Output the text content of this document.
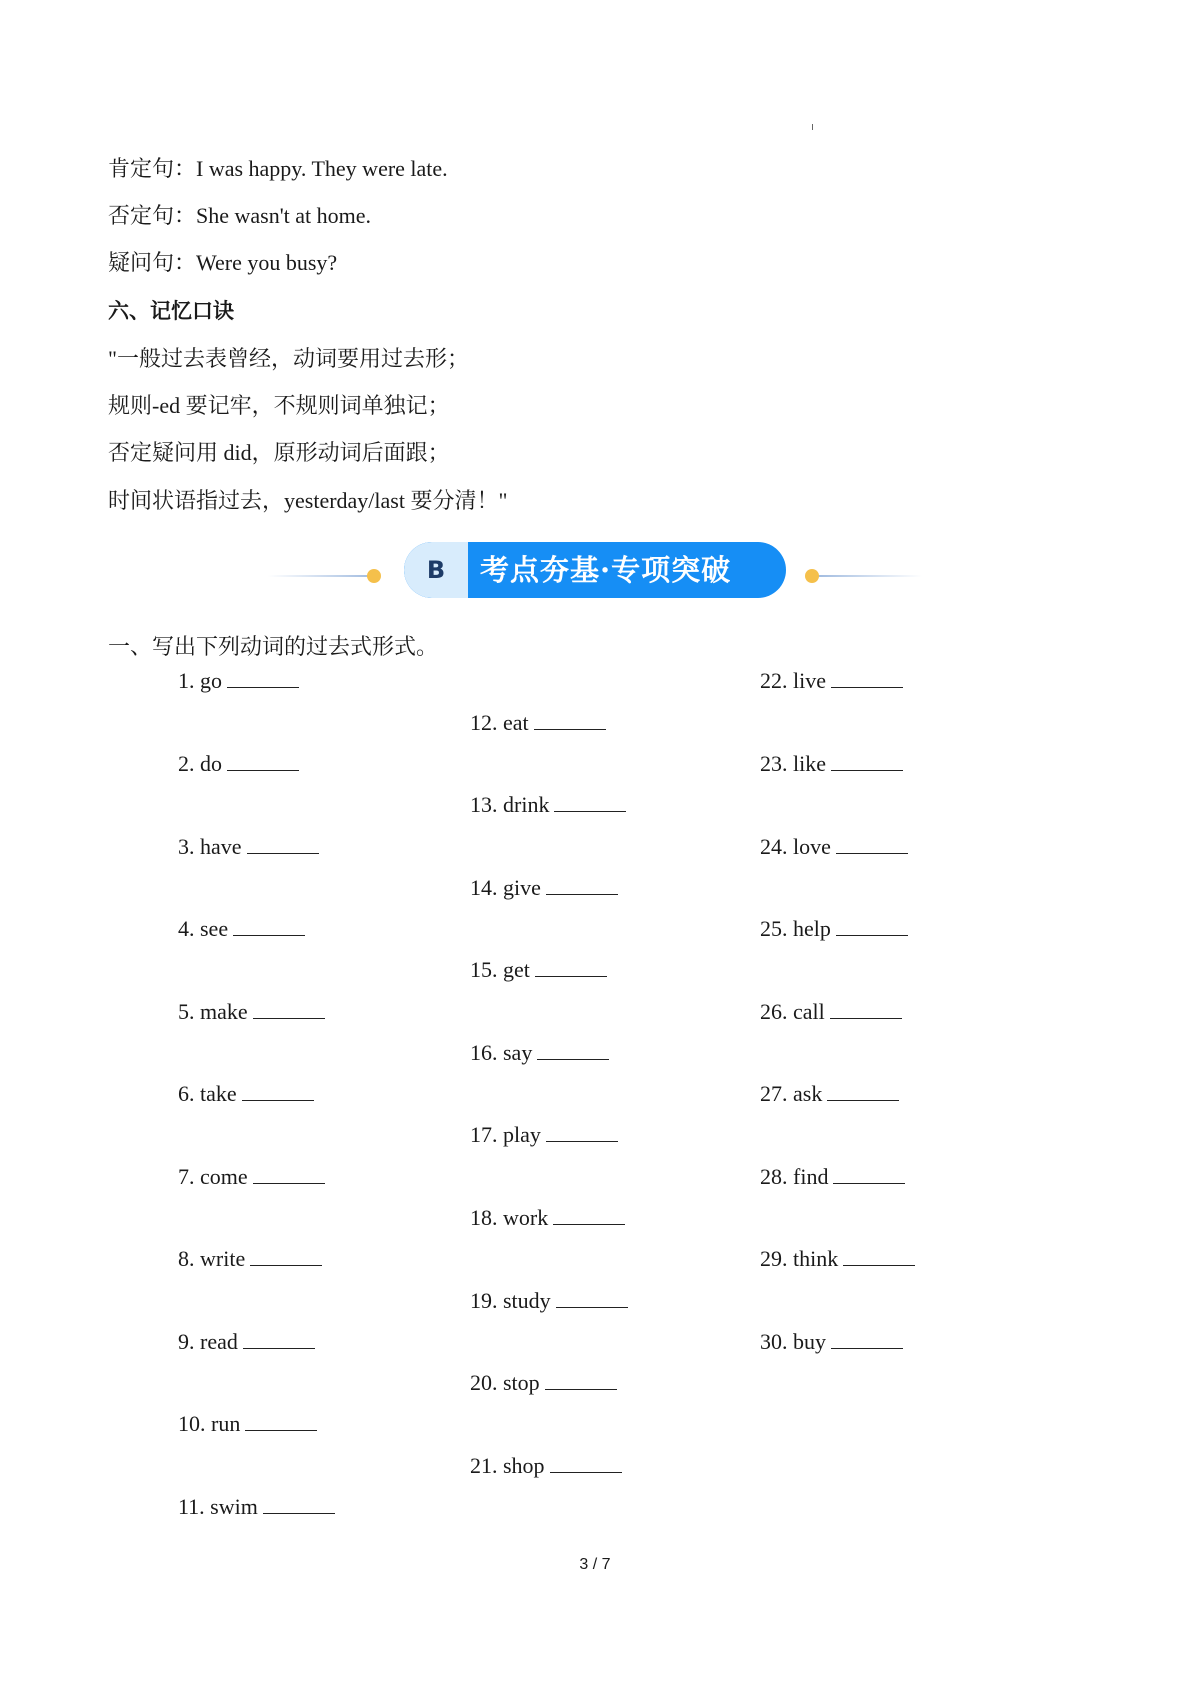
肯定句：I was happy. They were late.
否定句：She wasn't at home.
疑问句：Were you busy?
六、记忆口诀
"一般过去表曾经，动词要用过去形；
规则-ed 要记牢，不规则词单独记；
否定疑问用 did，原形动词后面跟；
时间状语指过去，yesterday/last 要分清！"
B	考点夯基·专项突破
一、写出下列动词的过去式形式。
1. go
2. do
3. have
4. see
5. make
6. take
7. come
8. write
9. read
10. run
11. swim
12. eat
13. drink
14. give
15. get
16. say
17. play
18. work
19. study
20. stop
21. shop
22. live
23. like
24. love
25. help
26. call
27. ask
28. find
29. think
30. buy
3 / 7
